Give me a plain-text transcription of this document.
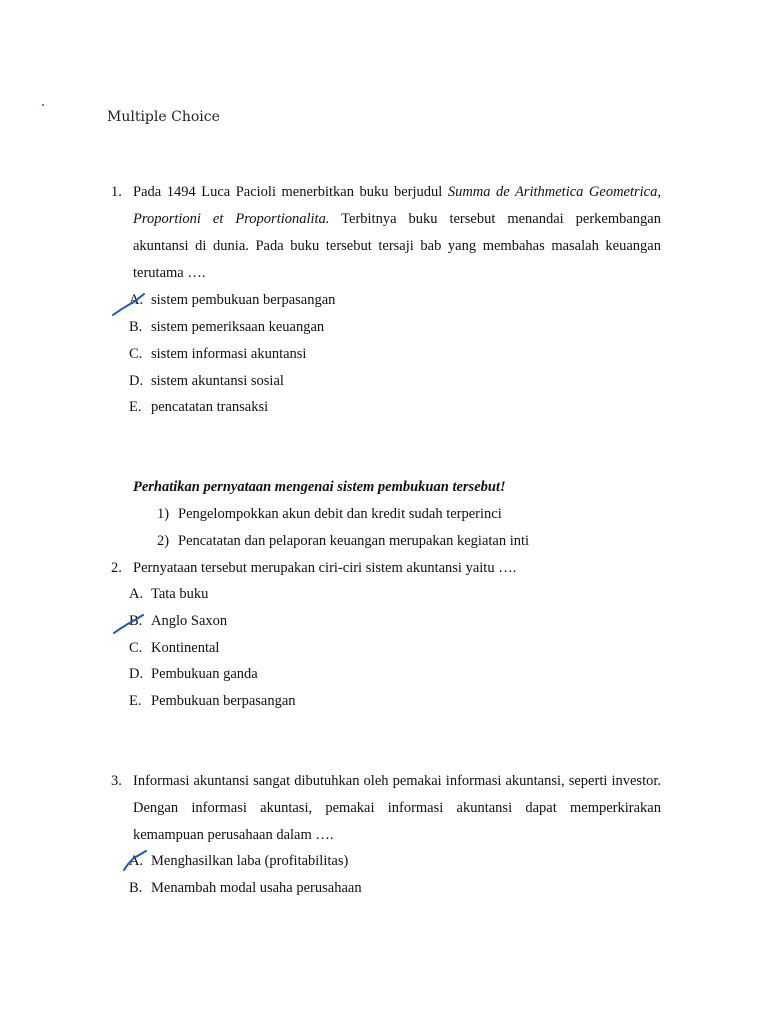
Multiple Choice
1. Pada 1494 Luca Pacioli menerbitkan buku berjudul Summa de Arithmetica Geometrica, Proportioni et Proportionalita. Terbitnya buku tersebut menandai perkembangan akuntansi di dunia. Pada buku tersebut tersaji bab yang membahas masalah keuangan terutama ….
A. sistem pembukuan berpasangan
B. sistem pemeriksaan keuangan
C. sistem informasi akuntansi
D. sistem akuntansi sosial
E. pencatatan transaksi
Perhatikan pernyataan mengenai sistem pembukuan tersebut!
1) Pengelompokkan akun debit dan kredit sudah terperinci
2) Pencatatan dan pelaporan keuangan merupakan kegiatan inti
2. Pernyataan tersebut merupakan ciri-ciri sistem akuntansi yaitu ….
A. Tata buku
B. Anglo Saxon
C. Kontinental
D. Pembukuan ganda
E. Pembukuan berpasangan
3. Informasi akuntansi sangat dibutuhkan oleh pemakai informasi akuntansi, seperti investor. Dengan informasi akuntasi, pemakai informasi akuntansi dapat memperkirakan kemampuan perusahaan dalam ….
A. Menghasilkan laba (profitabilitas)
B. Menambah modal usaha perusahaan
